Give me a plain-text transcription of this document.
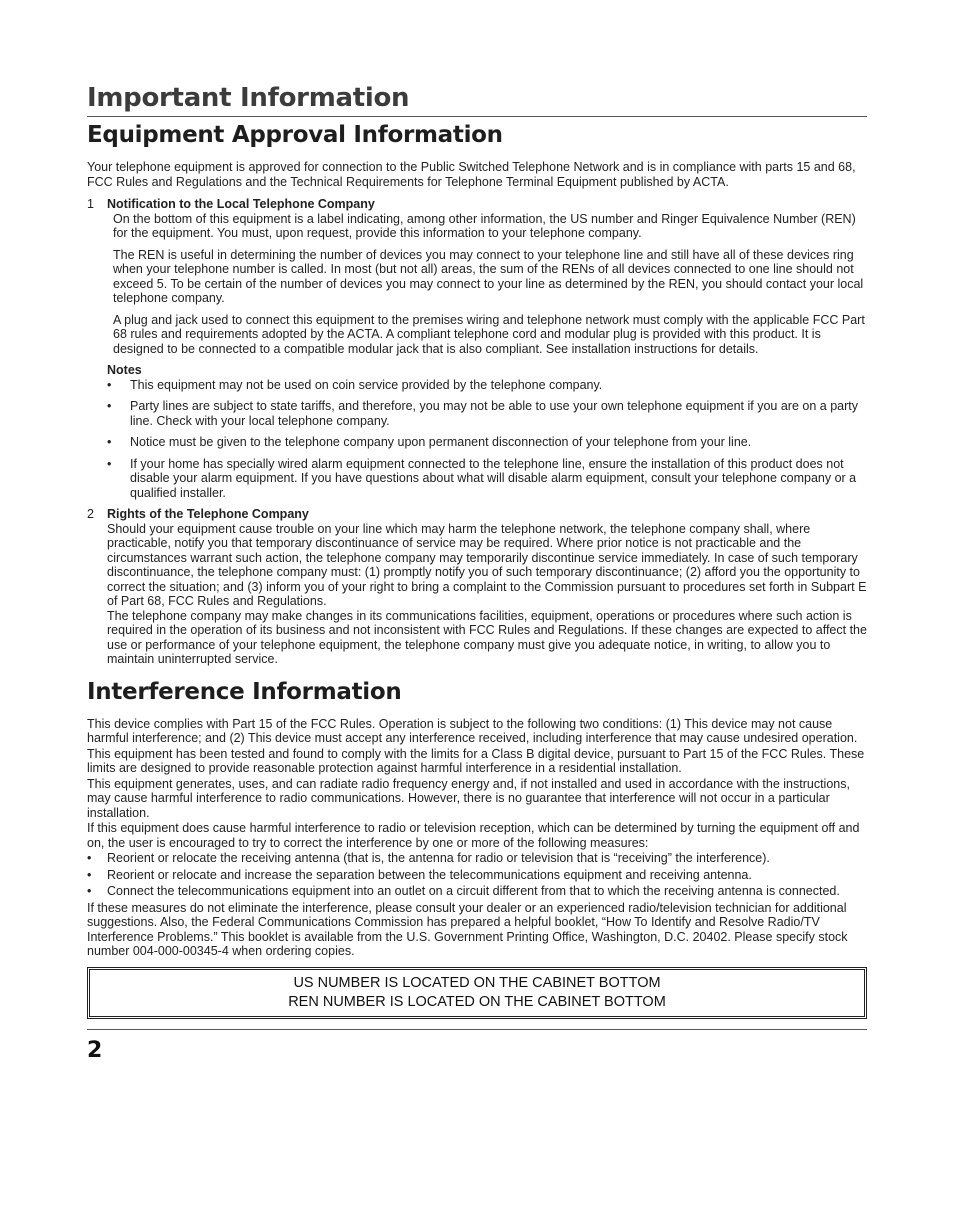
Important Information
Equipment Approval Information

Your telephone equipment is approved for connection to the Public Switched Telephone Network and is in compliance with parts 15 and 68, FCC Rules and Regulations and the Technical Requirements for Telephone Terminal Equipment published by ACTA.

1 Notification to the Local Telephone Company

On the bottom of this equipment is a label indicating, among other information, the US number and Ringer Equivalence Number (REN) for the equipment. You must, upon request, provide this information to your telephone company.

The REN is useful in determining the number of devices you may connect to your telephone line and still have all of these devices ring when your telephone number is called. In most (but not all) areas, the sum of the RENs of all devices connected to one line should not exceed 5. To be certain of the number of devices you may connect to your line as determined by the REN, you should contact your local telephone company.

A plug and jack used to connect this equipment to the premises wiring and telephone network must comply with the applicable FCC Part 68 rules and requirements adopted by the ACTA. A compliant telephone cord and modular plug is provided with this product. It is designed to be connected to a compatible modular jack that is also compliant. See installation instructions for details.

Notes
• This equipment may not be used on coin service provided by the telephone company.
• Party lines are subject to state tariffs, and therefore, you may not be able to use your own telephone equipment if you are on a party line. Check with your local telephone company.
• Notice must be given to the telephone company upon permanent disconnection of your telephone from your line.
• If your home has specially wired alarm equipment connected to the telephone line, ensure the installation of this product does not disable your alarm equipment. If you have questions about what will disable alarm equipment, consult your telephone company or a qualified installer.
2 Rights of the Telephone Company

Should your equipment cause trouble on your line which may harm the telephone network, the telephone company shall, where practicable, notify you that temporary discontinuance of service may be required. Where prior notice is not practicable and the circumstances warrant such action, the telephone company may temporarily discontinue service immediately. In case of such temporary discontinuance, the telephone company must: (1) promptly notify you of such temporary discontinuance; (2) afford you the opportunity to correct the situation; and (3) inform you of your right to bring a complaint to the Commission pursuant to procedures set forth in Subpart E of Part 68, FCC Rules and Regulations.

The telephone company may make changes in its communications facilities, equipment, operations or procedures where such action is required in the operation of its business and not inconsistent with FCC Rules and Regulations. If these changes are expected to affect the use or performance of your telephone equipment, the telephone company must give you adequate notice, in writing, to allow you to maintain uninterrupted service.

Interference Information

This device complies with Part 15 of the FCC Rules. Operation is subject to the following two conditions: (1) This device may not cause harmful interference; and (2) This device must accept any interference received, including interference that may cause undesired operation.

This equipment has been tested and found to comply with the limits for a Class B digital device, pursuant to Part 15 of the FCC Rules. These limits are designed to provide reasonable protection against harmful interference in a residential installation.

This equipment generates, uses, and can radiate radio frequency energy and, if not installed and used in accordance with the instructions, may cause harmful interference to radio communications. However, there is no guarantee that interference will not occur in a particular installation.

If this equipment does cause harmful interference to radio or television reception, which can be determined by turning the equipment off and on, the user is encouraged to try to correct the interference by one or more of the following measures:

• Reorient or relocate the receiving antenna (that is, the antenna for radio or television that is “receiving” the interference).
• Reorient or relocate and increase the separation between the telecommunications equipment and receiving antenna.
• Connect the telecommunications equipment into an outlet on a circuit different from that to which the receiving antenna is connected.

If these measures do not eliminate the interference, please consult your dealer or an experienced radio/television technician for additional suggestions. Also, the Federal Communications Commission has prepared a helpful booklet, “How To Identify and Resolve Radio/TV Interference Problems.” This booklet is available from the U.S. Government Printing Office, Washington, D.C. 20402. Please specify stock number 004-000-00345-4 when ordering copies.

US NUMBER IS LOCATED ON THE CABINET BOTTOM
REN NUMBER IS LOCATED ON THE CABINET BOTTOM
2
